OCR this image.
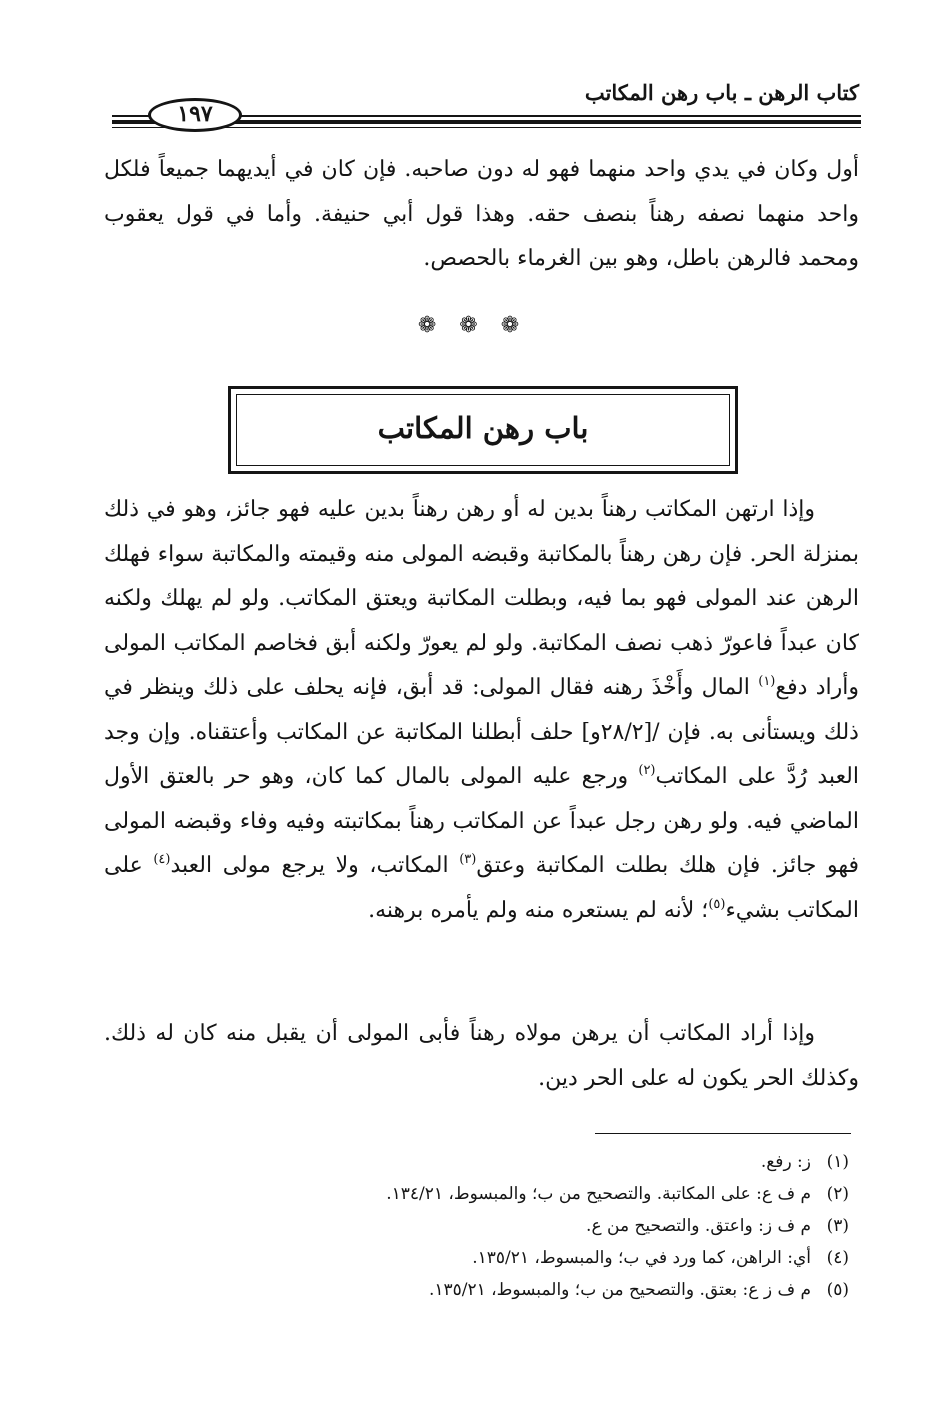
كتاب الرهن ـ باب رهن المكاتب
١٩٧

أول وكان في يدي واحد منهما فهو له دون صاحبه. فإن كان في أيديهما جميعاً فلكل واحد منهما نصفه رهناً بنصف حقه. وهذا قول أبي حنيفة. وأما في قول يعقوب ومحمد فالرهن باطل، وهو بين الغرماء بالحصص.

❁ ❁ ❁
باب رهن المكاتب

وإذا ارتهن المكاتب رهناً بدين له أو رهن رهناً بدين عليه فهو جائز، وهو في ذلك بمنزلة الحر. فإن رهن رهناً بالمكاتبة وقبضه المولى منه وقيمته والمكاتبة سواء فهلك الرهن عند المولى فهو بما فيه، وبطلت المكاتبة ويعتق المكاتب. ولو لم يهلك ولكنه كان عبداً فاعورّ ذهب نصف المكاتبة. ولو لم يعورّ ولكنه أبق فخاصم المكاتب المولى وأراد دفع$^{(١)}$ المال وأَخْذَ رهنه فقال المولى: قد أبق، فإنه يحلف على ذلك وينظر في ذلك ويستأنى به. فإن /[٢٨/٢و] حلف أبطلنا المكاتبة عن المكاتب وأعتقناه. وإن وجد العبد رُدَّ على المكاتب$^{(٢)}$ ورجع عليه المولى بالمال كما كان، وهو حر بالعتق الأول الماضي فيه. ولو رهن رجل عبداً عن المكاتب رهناً بمكاتبته وفيه وفاء وقبضه المولى فهو جائز. فإن هلك بطلت المكاتبة وعتق$^{(٣)}$ المكاتب، ولا يرجع مولى العبد$^{(٤)}$ على المكاتب بشيء$^{(٥)}$؛ لأنه لم يستعره منه ولم يأمره برهنه.

وإذا أراد المكاتب أن يرهن مولاه رهناً فأبى المولى أن يقبل منه كان له ذلك. وكذلك الحر يكون له على الحر دين.

(١)ز: رفع.
(٢)م ف ع: على المكاتبة. والتصحيح من ب؛ والمبسوط، ١٣٤/٢١.
(٣)م ف ز: واعتق. والتصحيح من ع.
(٤)أي: الراهن، كما ورد في ب؛ والمبسوط، ١٣٥/٢١.
(٥)م ف ز ع: بعتق. والتصحيح من ب؛ والمبسوط، ١٣٥/٢١.
